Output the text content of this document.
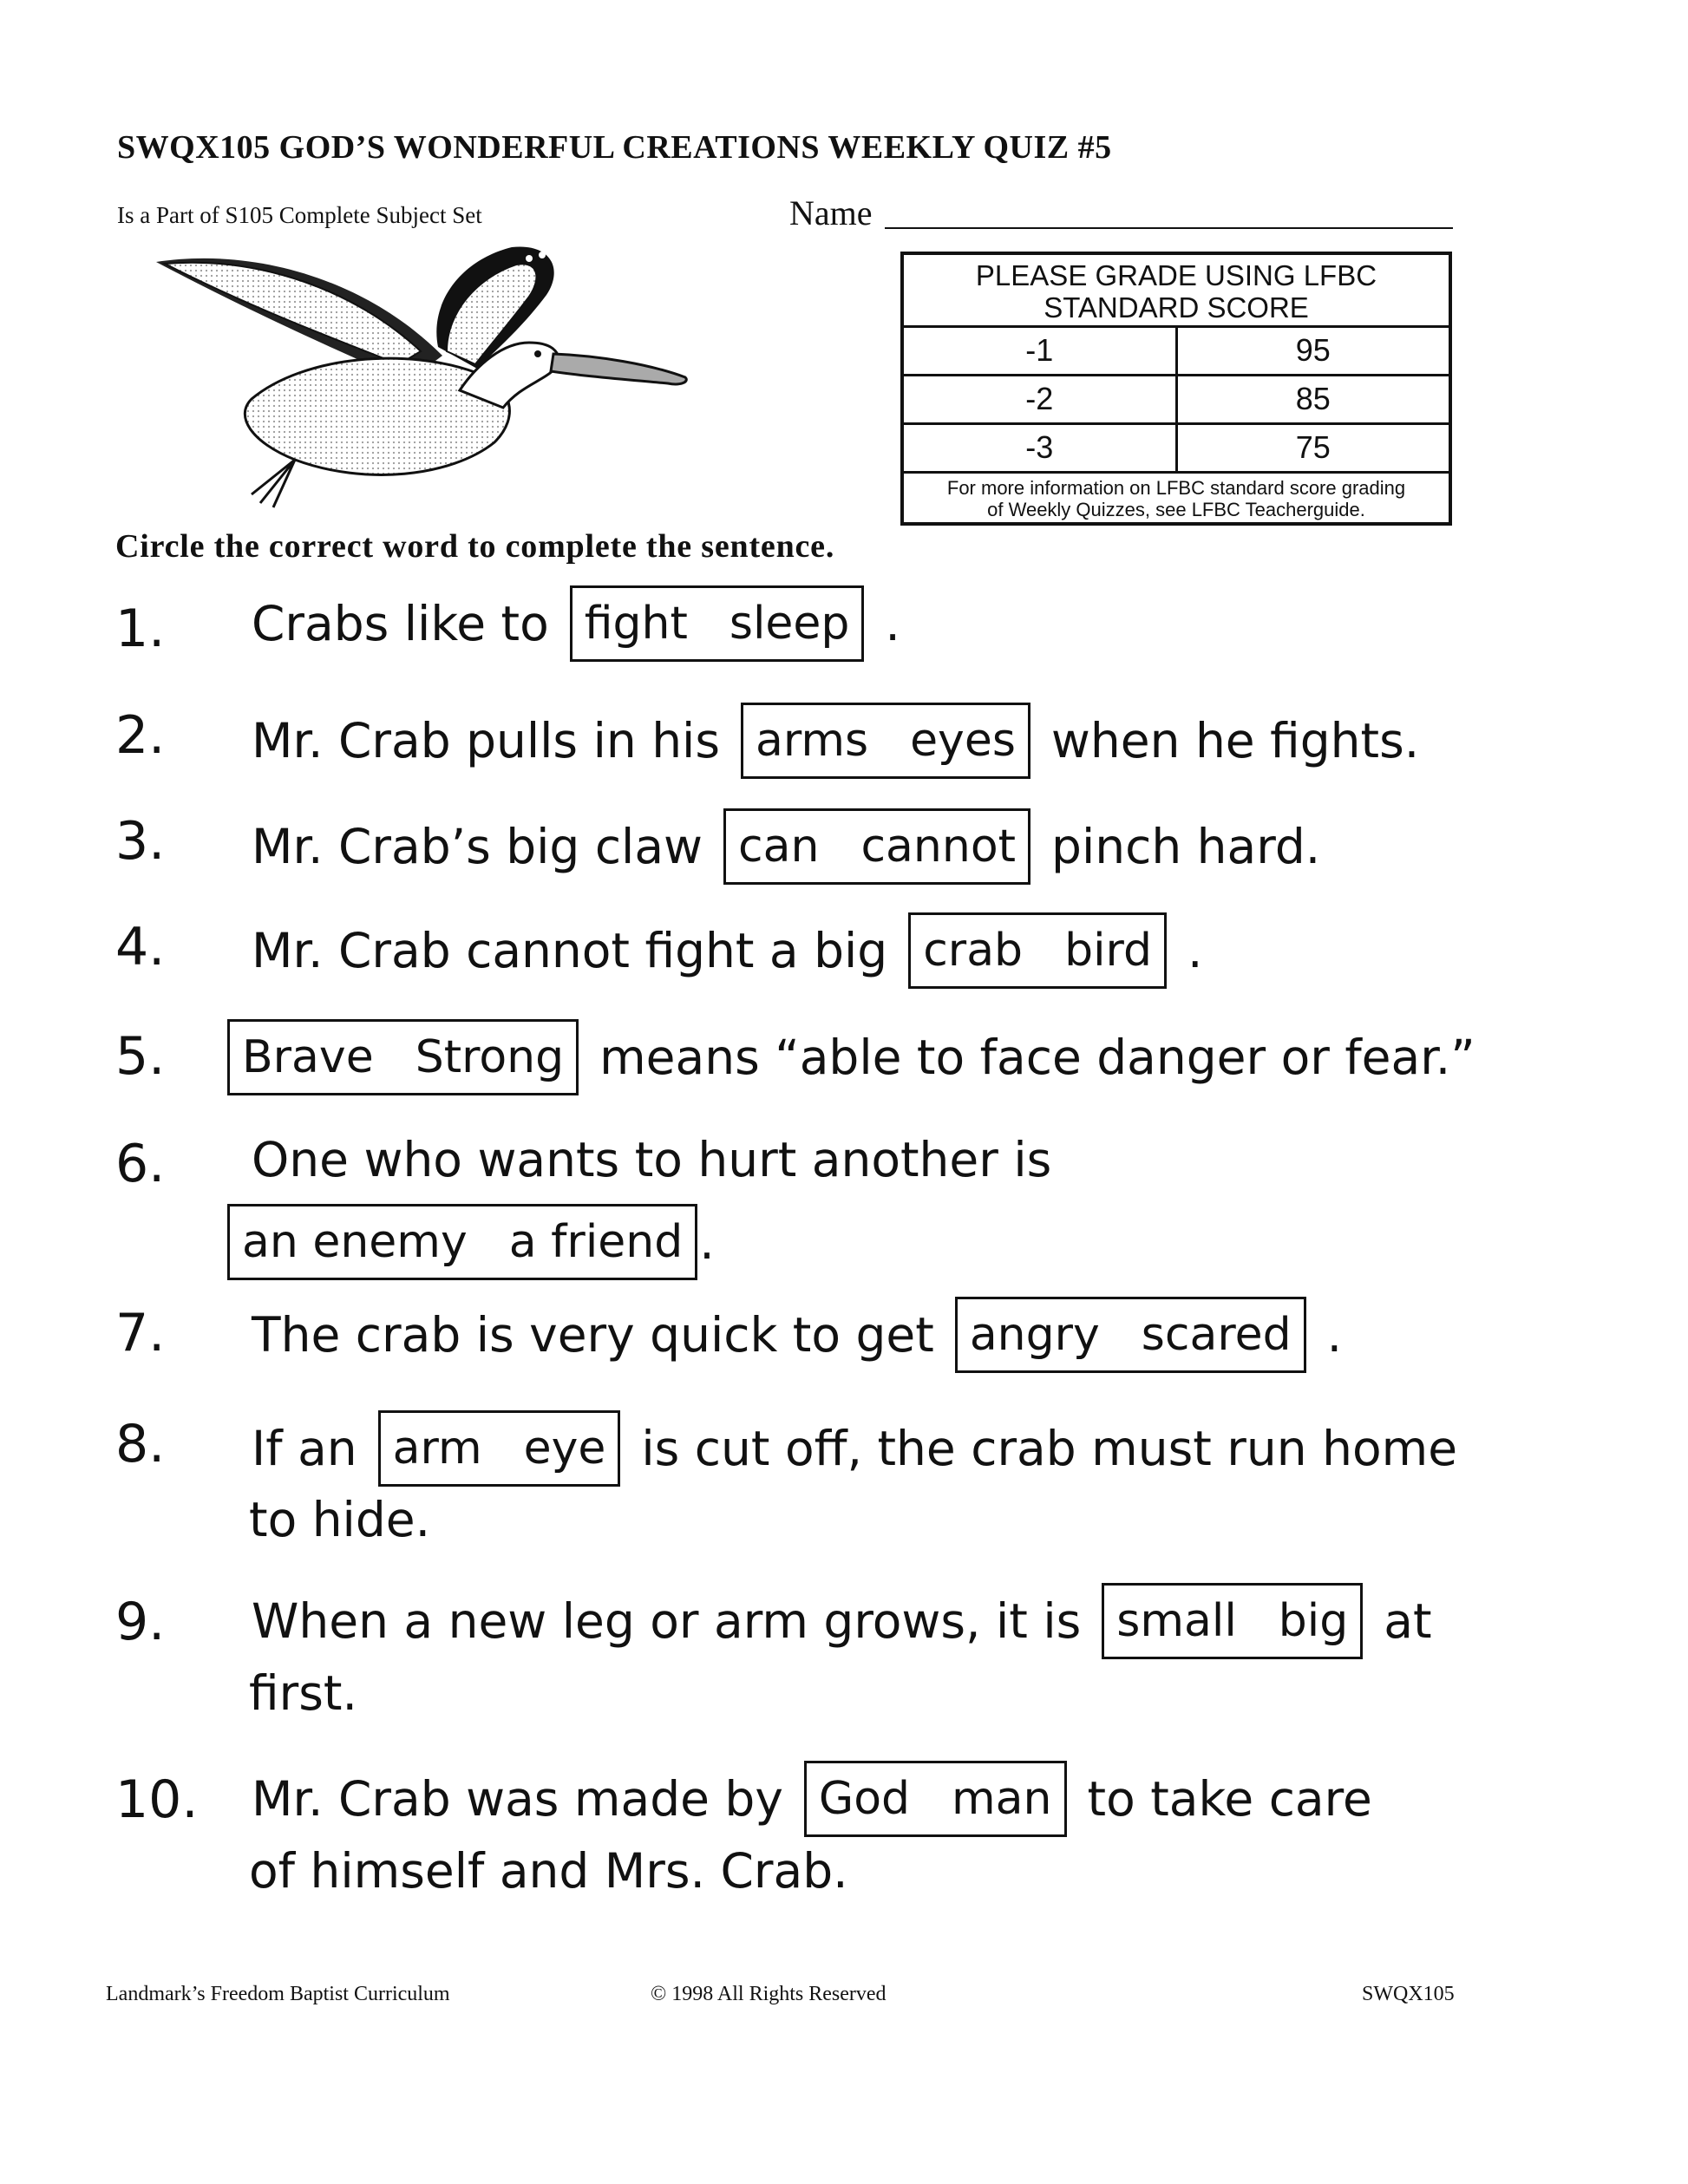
SWQX105 GOD’S WONDERFUL CREATIONS WEEKLY QUIZ #5
Is a Part of S105 Complete Subject Set	Name
PLEASE GRADE USING LFBC
STANDARD SCORE
-1	95
-2	85
-3	75
For more information on LFBC standard score grading
of Weekly Quizzes, see LFBC Teacherguide.
Circle the correct word to complete the sentence.
1. Crabs like to fight sleep .
2. Mr. Crab pulls in his arms eyes when he fights.
3. Mr. Crab’s big claw can cannot pinch hard.
4. Mr. Crab cannot fight a big crab bird .
5. Brave Strong means “able to face danger or fear.”
6. One who wants to hurt another is
an enemy a friend .
7. The crab is very quick to get angry scared .
8. If an arm eye is cut off, the crab must run home
to hide.
9. When a new leg or arm grows, it is small big at
first.
10. Mr. Crab was made by God man to take care
of himself and Mrs. Crab.
Landmark’s Freedom Baptist Curriculum	© 1998 All Rights Reserved	SWQX105
